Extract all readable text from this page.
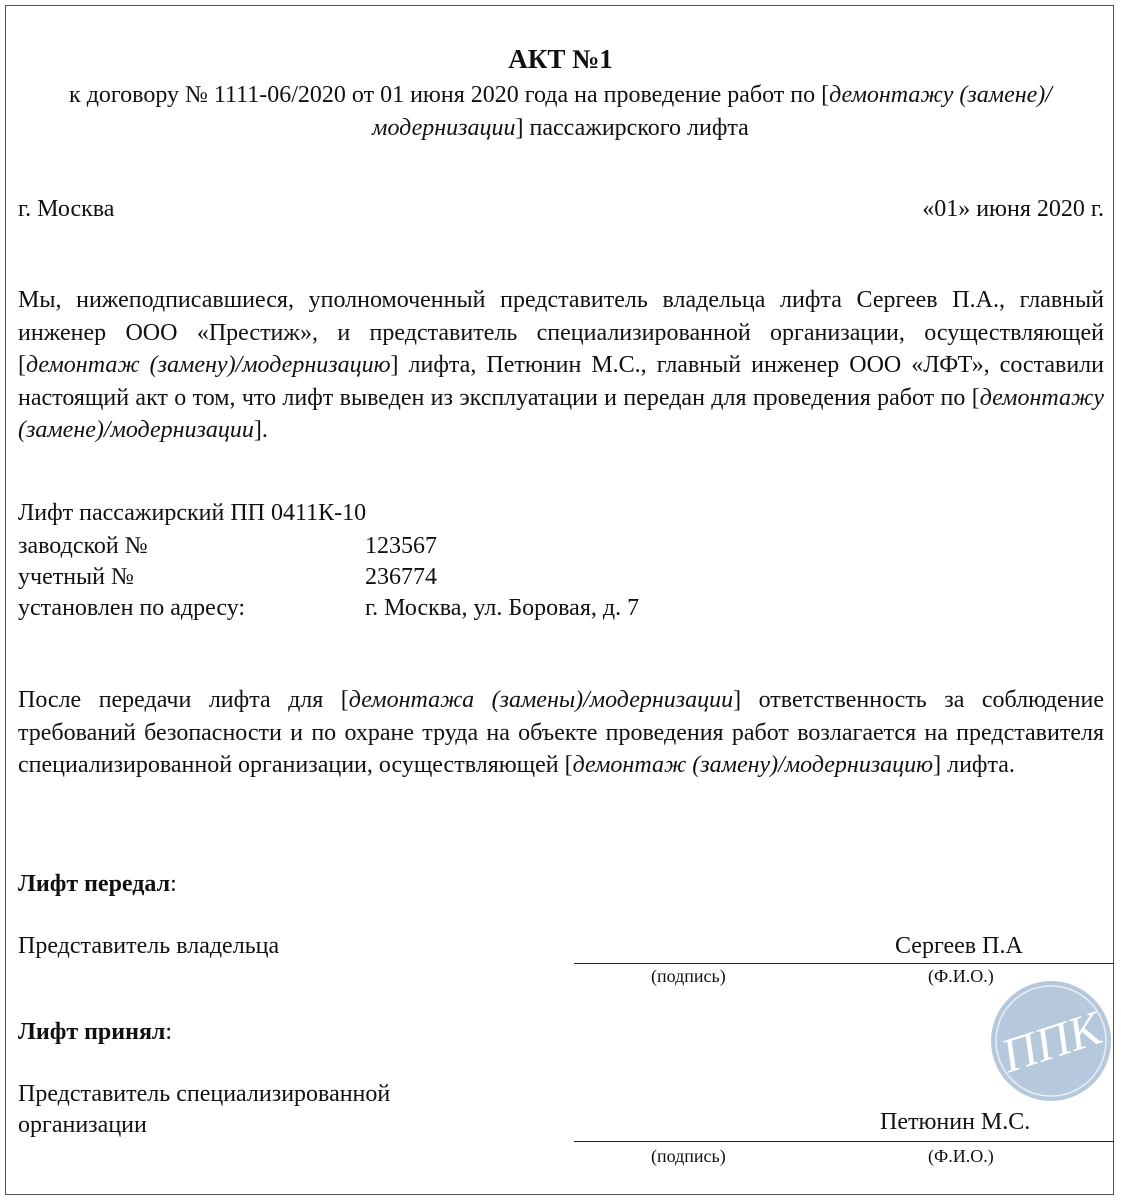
АКТ №1
к договору № 1111-06/2020 от 01 июня 2020 года на проведение работ по [демонтажу (замене)/модернизации] пассажирского лифта
г. Москва	«01» июня 2020 г.
Мы, нижеподписавшиеся, уполномоченный представитель владельца лифта Сергеев П.А., главный инженер ООО «Престиж», и представитель специализированной организации, осуществляющей [демонтаж (замену)/модернизацию] лифта, Петюнин М.С., главный инженер ООО «ЛФТ», составили настоящий акт о том, что лифт выведен из эксплуатации и передан для проведения работ по [демонтажу (замене)/модернизации].
Лифт пассажирский ПП 0411К-10
заводской №	123567
учетный №	236774
установлен по адресу:	г. Москва, ул. Боровая, д. 7
После передачи лифта для [демонтажа (замены)/модернизации] ответственность за соблюдение требований безопасности и по охране труда на объекте проведения работ возлагается на представителя специализированной организации, осуществляющей [демонтаж (замену)/модернизацию] лифта.
Лифт передал:
Представитель владельца	Сергеев П.А
(подпись)	(Ф.И.О.)
Лифт принял:
Представитель специализированной
организации	Петюнин М.С.
(подпись)	(Ф.И.О.)
ППК
